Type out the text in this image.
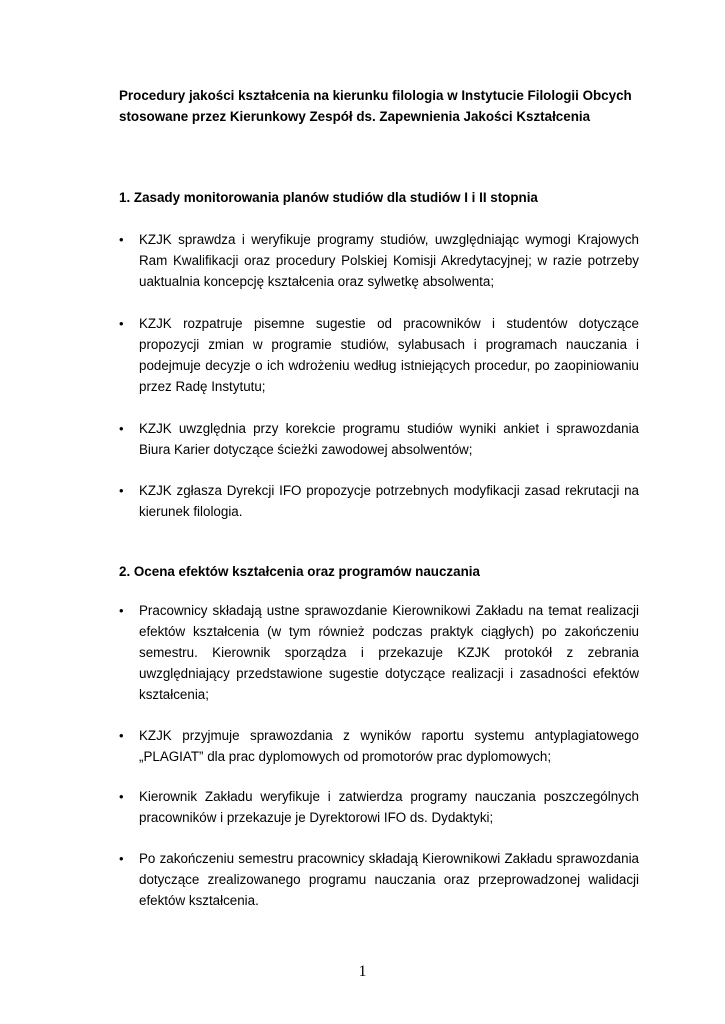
Procedury jakości kształcenia na kierunku filologia w Instytucie Filologii Obcych
stosowane przez Kierunkowy Zespół ds. Zapewnienia Jakości Kształcenia
1. Zasady monitorowania planów studiów dla studiów I i II stopnia
• KZJK sprawdza i weryfikuje programy studiów, uwzględniając wymogi Krajowych Ram Kwalifikacji oraz procedury Polskiej Komisji Akredytacyjnej; w razie potrzeby uaktualnia koncepcję kształcenia oraz sylwetkę absolwenta;
• KZJK rozpatruje pisemne sugestie od pracowników i studentów dotyczące propozycji zmian w programie studiów, sylabusach i programach nauczania i podejmuje decyzje o ich wdrożeniu według istniejących procedur, po zaopiniowaniu przez Radę Instytutu;
• KZJK uwzględnia przy korekcie programu studiów wyniki ankiet i sprawozdania Biura Karier dotyczące ścieżki zawodowej absolwentów;
• KZJK zgłasza Dyrekcji IFO propozycje potrzebnych modyfikacji zasad rekrutacji na kierunek filologia.
2. Ocena efektów kształcenia oraz programów nauczania
• Pracownicy składają ustne sprawozdanie Kierownikowi Zakładu na temat realizacji efektów kształcenia (w tym również podczas praktyk ciągłych) po zakończeniu semestru. Kierownik sporządza i przekazuje KZJK protokół z zebrania uwzględniający przedstawione sugestie dotyczące realizacji i zasadności efektów kształcenia;
• KZJK przyjmuje sprawozdania z wyników raportu systemu antyplagiatowego „PLAGIAT” dla prac dyplomowych od promotorów prac dyplomowych;
• Kierownik Zakładu weryfikuje i zatwierdza programy nauczania poszczególnych pracowników i przekazuje je Dyrektorowi IFO ds. Dydaktyki;
• Po zakończeniu semestru pracownicy składają Kierownikowi Zakładu sprawozdania dotyczące zrealizowanego programu nauczania oraz przeprowadzonej walidacji efektów kształcenia.
1
